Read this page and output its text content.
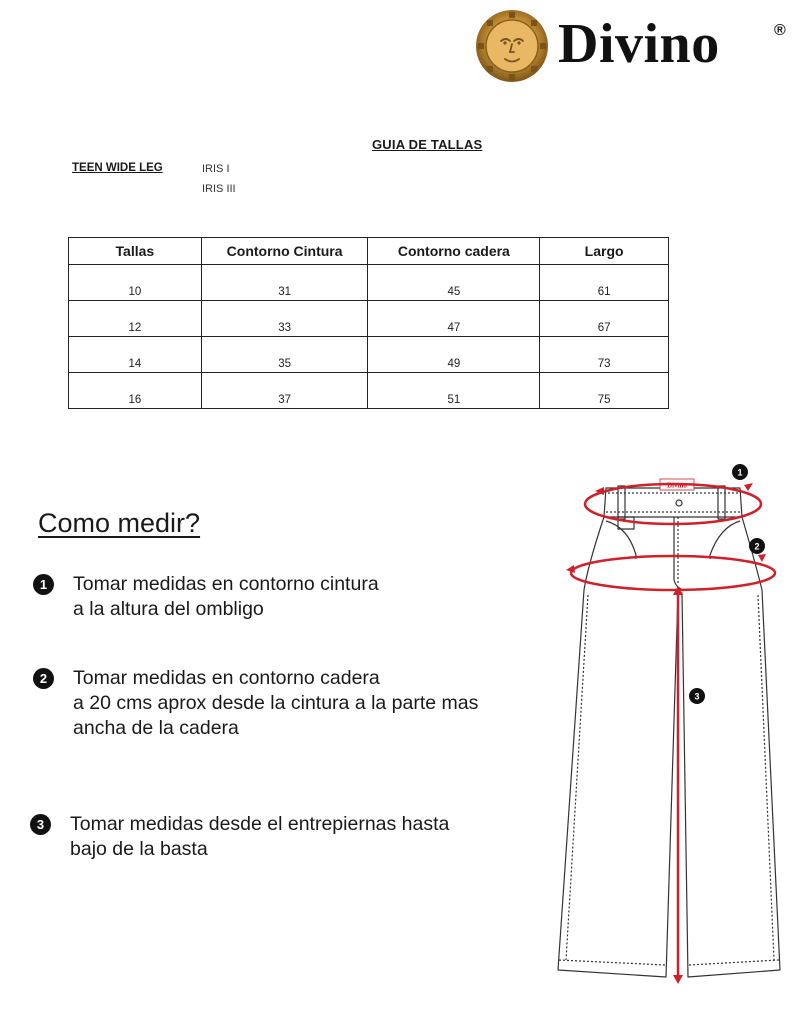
Divino	®
GUIA DE TALLAS
TEEN WIDE LEG	IRIS I
IRIS III
Tallas	Contorno Cintura	Contorno cadera	Largo
10	31	45	61
12	33	47	67
14	35	49	73
16	37	51	75
Como medir?
1	Tomar medidas en contorno cintura
a la altura del ombligo
2	Tomar medidas en contorno cadera
a 20 cms aprox desde la cintura a la parte mas
ancha de la cadera
3	Tomar medidas desde el entrepiernas hasta
bajo de la basta
Divino
1
2
3
